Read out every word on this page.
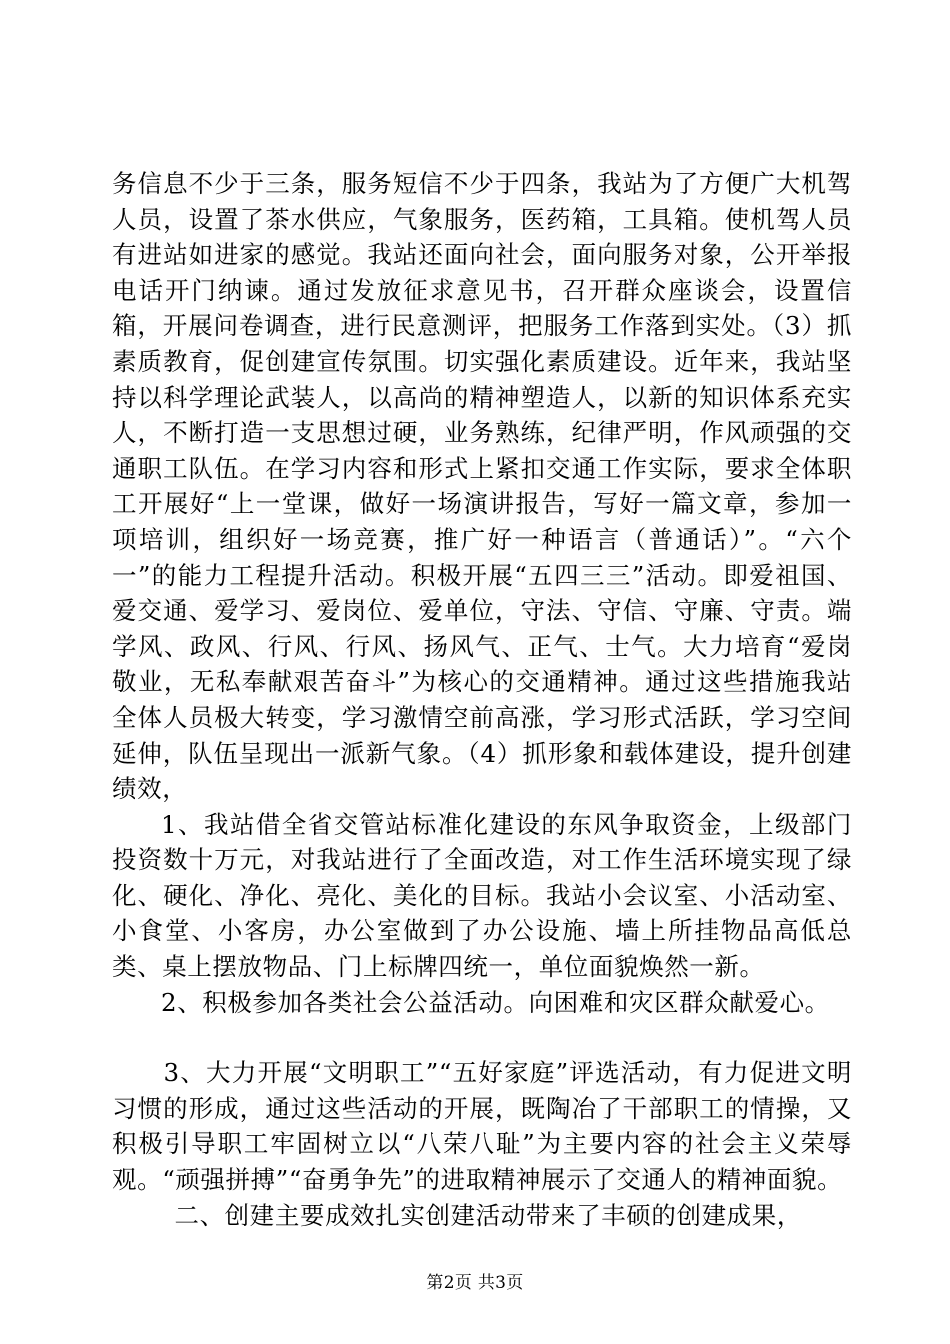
务信息不少于三条，服务短信不少于四条，我站为了方便广大机驾人员，设置了茶水供应，气象服务，医药箱，工具箱。使机驾人员有进站如进家的感觉。我站还面向社会，面向服务对象，公开举报电话开门纳谏。通过发放征求意见书，召开群众座谈会，设置信箱，开展问卷调查，进行民意测评，把服务工作落到实处。（3）抓素质教育，促创建宣传氛围。切实强化素质建设。近年来，我站坚持以科学理论武装人，以高尚的精神塑造人，以新的知识体系充实人，不断打造一支思想过硬，业务熟练，纪律严明，作风顽强的交通职工队伍。在学习内容和形式上紧扣交通工作实际，要求全体职工开展好“上一堂课，做好一场演讲报告，写好一篇文章，参加一项培训，组织好一场竞赛，推广好一种语言（普通话）”。“六个一”的能力工程提升活动。积极开展“五四三三”活动。即爱祖国、爱交通、爱学习、爱岗位、爱单位，守法、守信、守廉、守责。端学风、政风、行风、行风、扬风气、正气、士气。大力培育“爱岗敬业，无私奉献艰苦奋斗”为核心的交通精神。通过这些措施我站全体人员极大转变，学习激情空前高涨，学习形式活跃，学习空间延伸，队伍呈现出一派新气象。（4）抓形象和载体建设，提升创建绩效，

1、我站借全省交管站标准化建设的东风争取资金，上级部门投资数十万元，对我站进行了全面改造，对工作生活环境实现了绿化、硬化、净化、亮化、美化的目标。我站小会议室、小活动室、小食堂、小客房，办公室做到了办公设施、墙上所挂物品高低总类、桌上摆放物品、门上标牌四统一，单位面貌焕然一新。

2、积极参加各类社会公益活动。向困难和灾区群众献爱心。

3、大力开展“文明职工”“五好家庭”评选活动，有力促进文明习惯的形成，通过这些活动的开展，既陶冶了干部职工的情操，又积极引导职工牢固树立以“八荣八耻”为主要内容的社会主义荣辱观。“顽强拼搏”“奋勇争先”的进取精神展示了交通人的精神面貌。

二、创建主要成效扎实创建活动带来了丰硕的创建成果，

第2页 共3页
